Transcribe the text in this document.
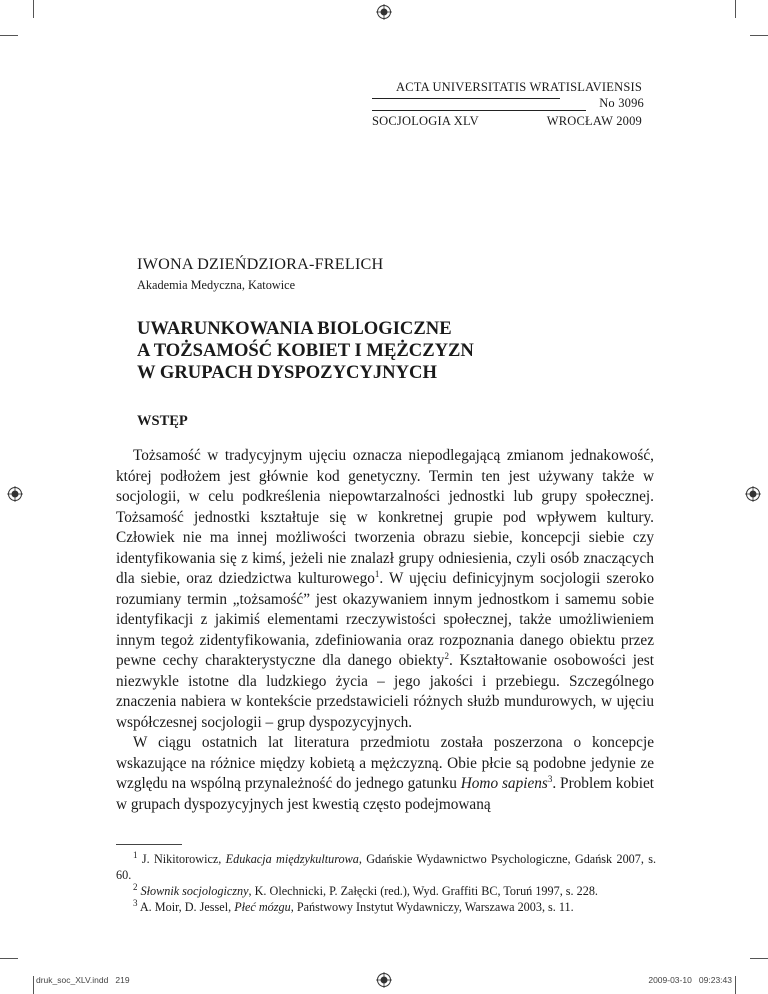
ACTA UNIVERSITATIS WRATISLAVIENSIS
No 3096
SOCJOLOGIA XLV	WROCŁAW 2009
IWONA DZIEŃDZIORA-FRELICH
Akademia Medyczna, Katowice
UWARUNKOWANIA BIOLOGICZNE
A TOŻSAMOŚĆ KOBIET I MĘŻCZYZN
W GRUPACH DYSPOZYCYJNYCH
WSTĘP

Tożsamość w tradycyjnym ujęciu oznacza niepodlegającą zmianom jednakowość, której podłożem jest głównie kod genetyczny. Termin ten jest używany także w socjologii, w celu podkreślenia niepowtarzalności jednostki lub grupy społecznej. Tożsamość jednostki kształtuje się w konkretnej grupie pod wpływem kultury. Człowiek nie ma innej możliwości tworzenia obrazu siebie, koncepcji siebie czy identyfikowania się z kimś, jeżeli nie znalazł grupy odniesienia, czyli osób znaczących dla siebie, oraz dziedzictwa kulturowego$^1$. W ujęciu definicyjnym socjologii szeroko rozumiany termin „tożsamość” jest okazywaniem innym jednostkom i samemu sobie identyfikacji z jakimiś elementami rzeczywistości społecznej, także umożliwieniem innym tegoż zidentyfikowania, zdefiniowania oraz rozpoznania danego obiektu przez pewne cechy charakterystyczne dla danego obiekty$^2$. Kształtowanie osobowości jest niezwykle istotne dla ludzkiego życia – jego jakości i przebiegu. Szczególnego znaczenia nabiera w kontekście przedstawicieli różnych służb mundurowych, w ujęciu współczesnej socjologii – grup dyspozycyjnych.

W ciągu ostatnich lat literatura przedmiotu została poszerzona o koncepcje wskazujące na różnice między kobietą a mężczyzną. Obie płcie są podobne jedynie ze względu na wspólną przynależność do jednego gatunku Homo sapiens$^3$. Problem kobiet w grupach dyspozycyjnych jest kwestią często podejmowaną

$^1$ J. Nikitorowicz, Edukacja międzykulturowa, Gdańskie Wydawnictwo Psychologiczne, Gdańsk 2007, s. 60.

$^2$ Słownik socjologiczny, K. Olechnicki, P. Załęcki (red.), Wyd. Graffiti BC, Toruń 1997, s. 228.

$^3$ A. Moir, D. Jessel, Płeć mózgu, Państwowy Instytut Wydawniczy, Warszawa 2003, s. 11.

druk_soc_XLV.indd   219	2009-03-10   09:23:43
